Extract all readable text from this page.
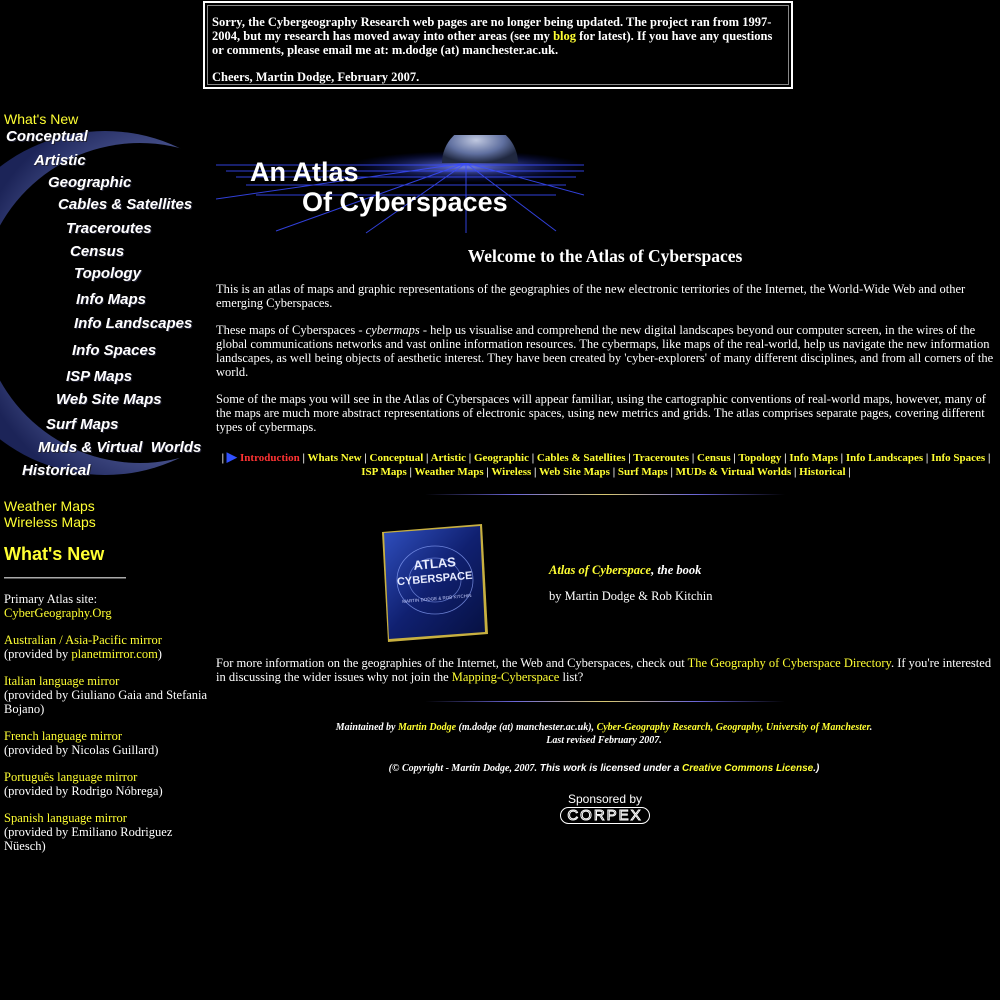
Sorry, the Cybergeography Research web pages are no longer being updated. The project ran from 1997-2004, but my research has moved away into other areas (see my blog for latest). If you have any questions or comments, please email me at: m.dodge (at) manchester.ac.uk.

Cheers, Martin Dodge, February 2007.

What's New
Conceptual
Artistic
Geographic
Cables & Satellites
Traceroutes
Census
Topology
Info Maps
Info Landscapes
Info Spaces
ISP Maps
Web Site Maps
Surf Maps
Muds & Virtual  Worlds
Historical
Weather Maps
Wireless Maps
What's New

Primary Atlas site:
CyberGeography.Org

Australian / Asia-Pacific mirror
(provided by planetmirror.com)

Italian language mirror
(provided by Giuliano Gaia and Stefania Bojano)

French language mirror
(provided by Nicolas Guillard)

Português language mirror
(provided by Rodrigo Nóbrega)

Spanish language mirror
(provided by Emiliano Rodriguez Nüesch)

An Atlas
Of Cyberspaces
Welcome to the Atlas of Cyberspaces

This is an atlas of maps and graphic representations of the geographies of the new electronic territories of the Internet, the World-Wide Web and other emerging Cyberspaces.

These maps of Cyberspaces - cybermaps - help us visualise and comprehend the new digital landscapes beyond our computer screen, in the wires of the global communications networks and vast online information resources. The cybermaps, like maps of the real-world, help us navigate the new information landscapes, as well being objects of aesthetic interest. They have been created by 'cyber-explorers' of many different disciplines, and from all corners of the world.

Some of the maps you will see in the Atlas of Cyberspaces will appear familiar, using the cartographic conventions of real-world maps, however, many of the maps are much more abstract representations of electronic spaces, using new metrics and grids. The atlas comprises separate pages, covering different types of cybermaps.

| ▶ Introduction | Whats New | Conceptual | Artistic | Geographic | Cables & Satellites | Traceroutes | Census | Topology | Info Maps | Info Landscapes | Info Spaces | ISP Maps | Weather Maps | Wireless | Web Site Maps | Surf Maps | MUDs & Virtual Worlds | Historical |
ATLAS
CYBERSPACE
MARTIN DODGE & ROB KITCHIN
Atlas of Cyberspace, the book
by Martin Dodge & Rob Kitchin
For more information on the geographies of the Internet, the Web and Cyberspaces, check out The Geography of Cyberspace Directory. If you're interested in discussing the wider issues why not join the Mapping-Cyberspace list?
Maintained by Martin Dodge (m.dodge (at) manchester.ac.uk), Cyber-Geography Research, Geography, University of Manchester.
Last revised February 2007.
(© Copyright - Martin Dodge, 2007. This work is licensed under a Creative Commons License.)
Sponsored by
CORPEX
